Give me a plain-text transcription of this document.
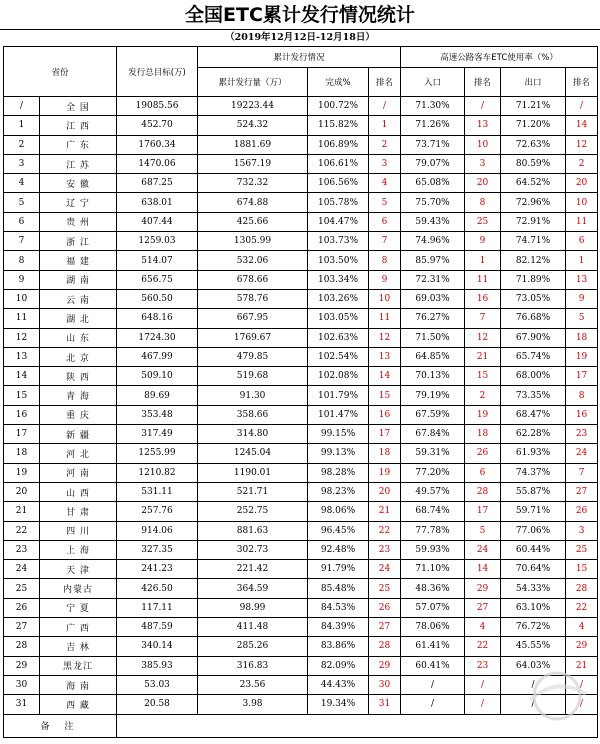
全国ETC累计发行情况统计
（2019年12月12日-12月18日）
省份		发行总目标(万)	累计发行情况			高速公路客车ETC使用率（%）			
			累计发行量（万）	完成%	排名	入口	排名	出口	排名
/	全 国	19085.56	19223.44	100.72%	/	71.30%	/	71.21%	/
1	江 西	452.70	524.32	115.82%	1	71.26%	13	71.20%	14
2	广 东	1760.34	1881.69	106.89%	2	73.71%	10	72.63%	12
3	江 苏	1470.06	1567.19	106.61%	3	79.07%	3	80.59%	2
4	安 徽	687.25	732.32	106.56%	4	65.08%	20	64.52%	20
5	辽 宁	638.01	674.88	105.78%	5	75.70%	8	72.96%	10
6	贵 州	407.44	425.66	104.47%	6	59.43%	25	72.91%	11
7	浙 江	1259.03	1305.99	103.73%	7	74.96%	9	74.71%	6
8	福 建	514.07	532.06	103.50%	8	85.97%	1	82.12%	1
9	湖 南	656.75	678.66	103.34%	9	72.31%	11	71.89%	13
10	云 南	560.50	578.76	103.26%	10	69.03%	16	73.05%	9
11	湖 北	648.16	667.95	103.05%	11	76.27%	7	76.68%	5
12	山 东	1724.30	1769.67	102.63%	12	71.50%	12	67.90%	18
13	北 京	467.99	479.85	102.54%	13	64.85%	21	65.74%	19
14	陕 西	509.10	519.68	102.08%	14	70.13%	15	68.00%	17
15	青 海	89.69	91.30	101.79%	15	79.19%	2	73.35%	8
16	重 庆	353.48	358.66	101.47%	16	67.59%	19	68.47%	16
17	新 疆	317.49	314.80	99.15%	17	67.84%	18	62.28%	23
18	河 北	1255.99	1245.04	99.13%	18	59.31%	26	61.93%	24
19	河 南	1210.82	1190.01	98.28%	19	77.20%	6	74.37%	7
20	山 西	531.11	521.71	98.23%	20	49.57%	28	55.87%	27
21	甘 肃	257.76	252.75	98.06%	21	68.74%	17	59.71%	26
22	四 川	914.06	881.63	96.45%	22	77.78%	5	77.06%	3
23	上 海	327.35	302.73	92.48%	23	59.93%	24	60.44%	25
24	天 津	241.23	221.42	91.79%	24	71.10%	14	70.64%	15
25	内蒙古	426.50	364.59	85.48%	25	48.36%	29	54.33%	28
26	宁 夏	117.11	98.99	84.53%	26	57.07%	27	63.10%	22
27	广 西	487.59	411.48	84.39%	27	78.06%	4	76.72%	4
28	吉 林	340.14	285.26	83.86%	28	61.41%	22	45.55%	29
29	黑龙江	385.93	316.83	82.09%	29	60.41%	23	64.03%	21
30	海 南	53.03	23.56	44.43%	30	/	/	/	/
31	西 藏	20.58	3.98	19.34%	31	/	/	/	/
备 注									
